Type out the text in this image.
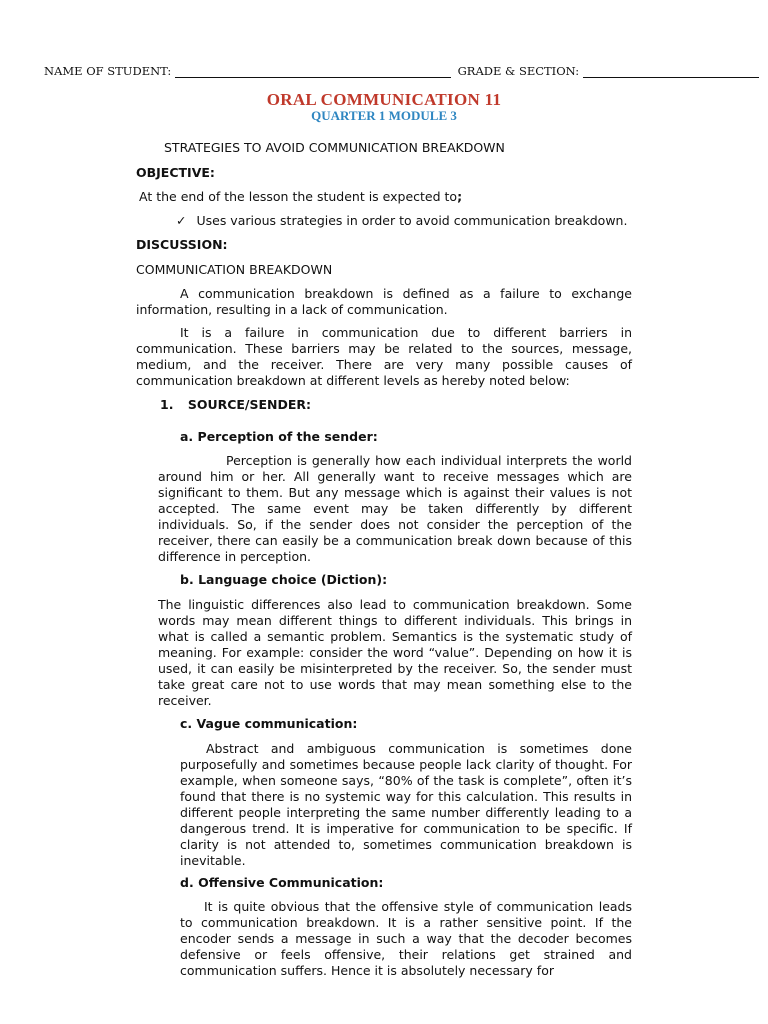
NAME OF STUDENT:	GRADE & SECTION:
ORAL COMMUNICATION 11
QUARTER 1 MODULE 3
STRATEGIES TO AVOID COMMUNICATION BREAKDOWN
OBJECTIVE:
At the end of the lesson the student is expected to;
✓ Uses various strategies in order to avoid communication breakdown.
DISCUSSION:
COMMUNICATION BREAKDOWN
A communication breakdown is defined as a failure to exchange information, resulting in a lack of communication.
It is a failure in communication due to different barriers in communication. These barriers may be related to the sources, message, medium, and the receiver. There are very many possible causes of communication breakdown at different levels as hereby noted below:
1. SOURCE/SENDER:
a. Perception of the sender:
Perception is generally how each individual interprets the world around him or her. All generally want to receive messages which are significant to them. But any message which is against their values is not accepted. The same event may be taken differently by different individuals. So, if the sender does not consider the perception of the receiver, there can easily be a communication break down because of this difference in perception.
b. Language choice (Diction):
The linguistic differences also lead to communication breakdown. Some words may mean different things to different individuals. This brings in what is called a semantic problem. Semantics is the systematic study of meaning. For example: consider the word “value”. Depending on how it is used, it can easily be misinterpreted by the receiver. So, the sender must take great care not to use words that may mean something else to the receiver.
c. Vague communication:
Abstract and ambiguous communication is sometimes done purposefully and sometimes because people lack clarity of thought. For example, when someone says, “80% of the task is complete”, often it’s found that there is no systemic way for this calculation. This results in different people interpreting the same number differently leading to a dangerous trend. It is imperative for communication to be specific. If clarity is not attended to, sometimes communication breakdown is inevitable.
d. Offensive Communication:
It is quite obvious that the offensive style of communication leads to communication breakdown. It is a rather sensitive point. If the encoder sends a message in such a way that the decoder becomes defensive or feels offensive, their relations get strained and communication suffers. Hence it is absolutely necessary for
